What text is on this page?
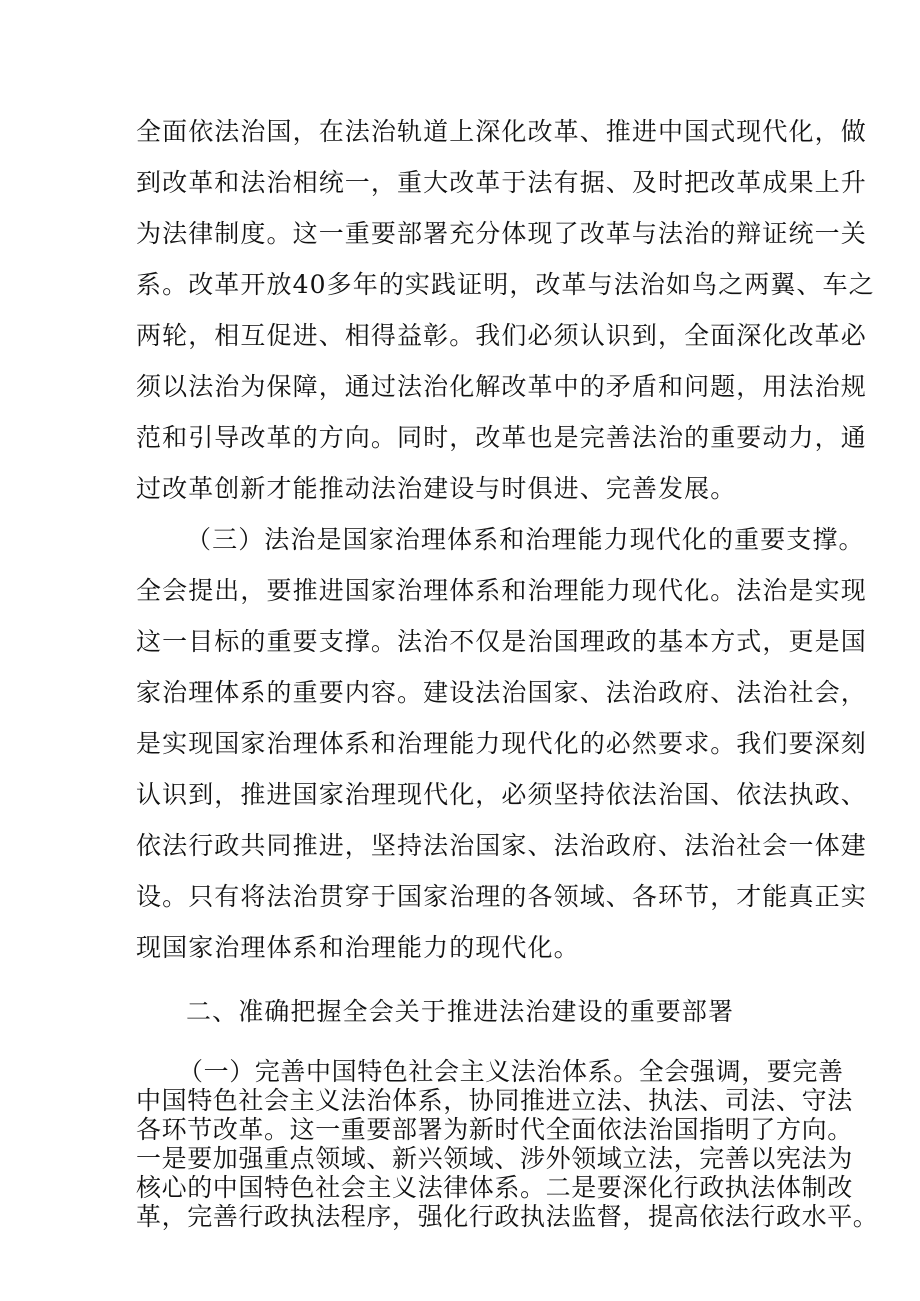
全面依法治国，在法治轨道上深化改革、推进中国式现代化，做
到改革和法治相统一，重大改革于法有据、及时把改革成果上升
为法律制度。这一重要部署充分体现了改革与法治的辩证统一关
系。改革开放40多年的实践证明，改革与法治如鸟之两翼、车之
两轮，相互促进、相得益彰。我们必须认识到，全面深化改革必
须以法治为保障，通过法治化解改革中的矛盾和问题，用法治规
范和引导改革的方向。同时，改革也是完善法治的重要动力，通
过改革创新才能推动法治建设与时俱进、完善发展。
（三）法治是国家治理体系和治理能力现代化的重要支撑。
全会提出，要推进国家治理体系和治理能力现代化。法治是实现
这一目标的重要支撑。法治不仅是治国理政的基本方式，更是国
家治理体系的重要内容。建设法治国家、法治政府、法治社会，
是实现国家治理体系和治理能力现代化的必然要求。我们要深刻
认识到，推进国家治理现代化，必须坚持依法治国、依法执政、
依法行政共同推进，坚持法治国家、法治政府、法治社会一体建
设。只有将法治贯穿于国家治理的各领域、各环节，才能真正实
现国家治理体系和治理能力的现代化。
二、准确把握全会关于推进法治建设的重要部署
（一）完善中国特色社会主义法治体系。全会强调，要完善
中国特色社会主义法治体系，协同推进立法、执法、司法、守法
各环节改革。这一重要部署为新时代全面依法治国指明了方向。
一是要加强重点领域、新兴领域、涉外领域立法，完善以宪法为
核心的中国特色社会主义法律体系。二是要深化行政执法体制改
革，完善行政执法程序，强化行政执法监督，提高依法行政水平。
